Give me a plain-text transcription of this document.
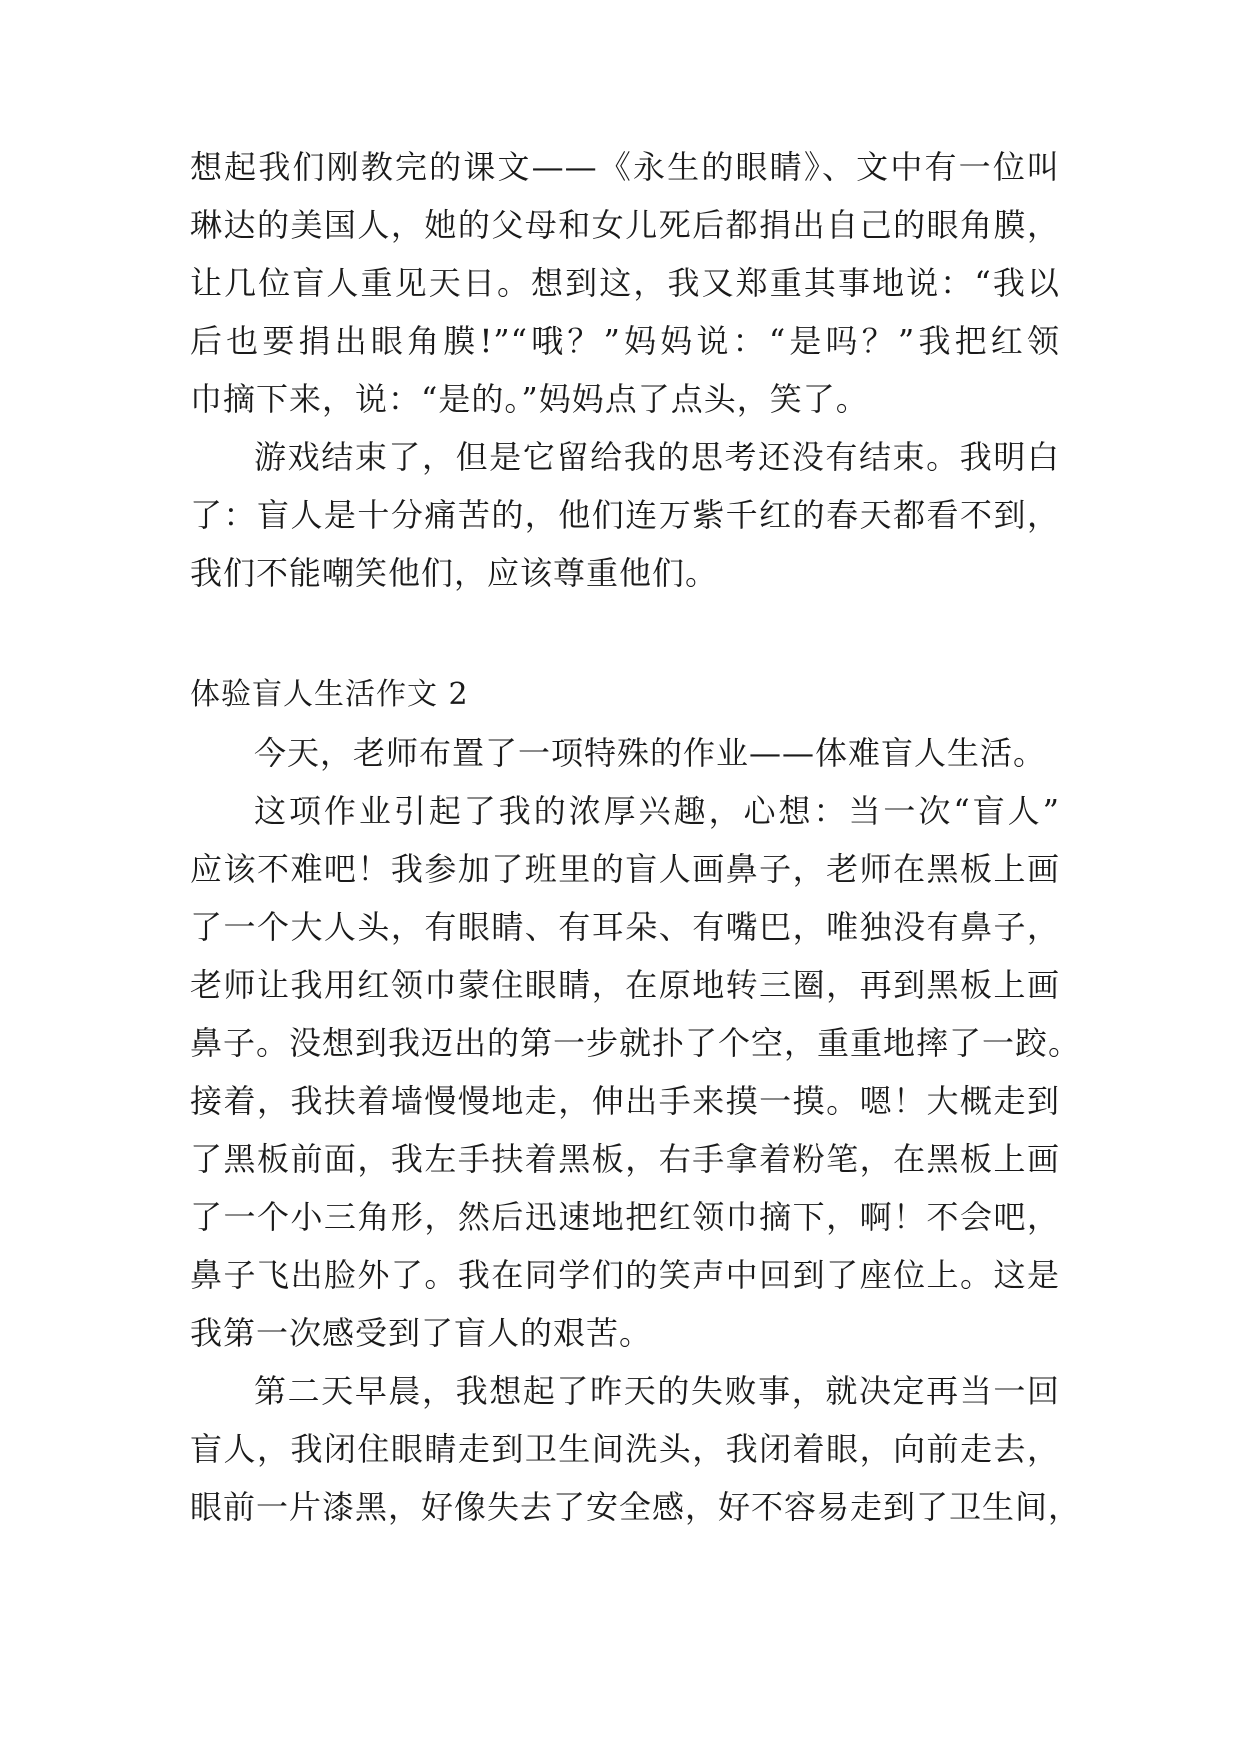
想起我们刚教完的课文——《永生的眼睛》、文中有一位叫
琳达的美国人，她的父母和女儿死后都捐出自己的眼角膜，
让几位盲人重见天日。想到这，我又郑重其事地说：“我以
后也要捐出眼角膜!”“哦？”妈妈说：“是吗？”我把红领
巾摘下来，说：“是的。”妈妈点了点头，笑了。
游戏结束了，但是它留给我的思考还没有结束。我明白
了：盲人是十分痛苦的，他们连万紫千红的春天都看不到，
我们不能嘲笑他们，应该尊重他们。
体验盲人生活作文 2
今天，老师布置了一项特殊的作业——体难盲人生活。
这项作业引起了我的浓厚兴趣，心想：当一次“盲人”
应该不难吧！我参加了班里的盲人画鼻子，老师在黑板上画
了一个大人头，有眼睛、有耳朵、有嘴巴，唯独没有鼻子，
老师让我用红领巾蒙住眼睛，在原地转三圈，再到黑板上画
鼻子。没想到我迈出的第一步就扑了个空，重重地摔了一跤。
接着，我扶着墙慢慢地走，伸出手来摸一摸。嗯！大概走到
了黑板前面，我左手扶着黑板，右手拿着粉笔，在黑板上画
了一个小三角形，然后迅速地把红领巾摘下，啊！不会吧，
鼻子飞出脸外了。我在同学们的笑声中回到了座位上。这是
我第一次感受到了盲人的艰苦。
第二天早晨，我想起了昨天的失败事，就决定再当一回
盲人，我闭住眼睛走到卫生间洗头，我闭着眼，向前走去，
眼前一片漆黑，好像失去了安全感，好不容易走到了卫生间，
